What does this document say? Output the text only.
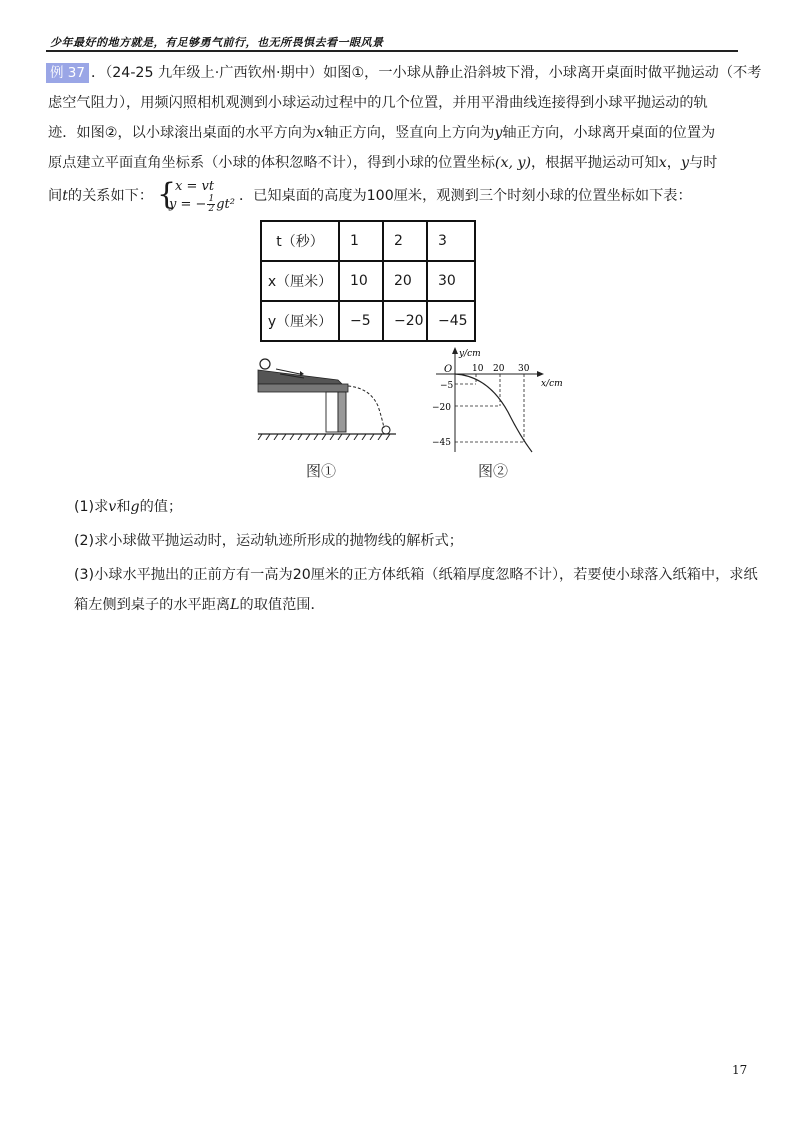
少年最好的地方就是，有足够勇气前行，也无所畏惧去看一眼风景
例 37 ．（24-25 九年级上·广西钦州·期中）如图①，一小球从静止沿斜坡下滑，小球离开桌面时做平抛运动（不考
虑空气阻力），用频闪照相机观测到小球运动过程中的几个位置，并用平滑曲线连接得到小球平抛运动的轨
迹．如图②，以小球滚出桌面的水平方向为x轴正方向，竖直向上方向为y轴正方向，小球离开桌面的位置为
原点建立平面直角坐标系（小球的体积忽略不计），得到小球的位置坐标(x, y)，根据平抛运动可知x，y与时
间t的关系如下： {
x = vt
y = − $\frac{1}{2} gt^2$ ．已知桌面的高度为100厘米，观测到三个时刻小球的位置坐标如下表：
t（秒）	1	2	3
x（厘米）	10	20	30
y（厘米）	−5	−20	−45
y/cm
x/cm
O 10 20 30
−5
−20
−45
图①	图②
(1)求v和g的值；
(2)求小球做平抛运动时，运动轨迹所形成的抛物线的解析式；
(3)小球水平抛出的正前方有一高为20厘米的正方体纸箱（纸箱厚度忽略不计），若要使小球落入纸箱中，求纸
箱左侧到桌子的水平距离L的取值范围．
17
